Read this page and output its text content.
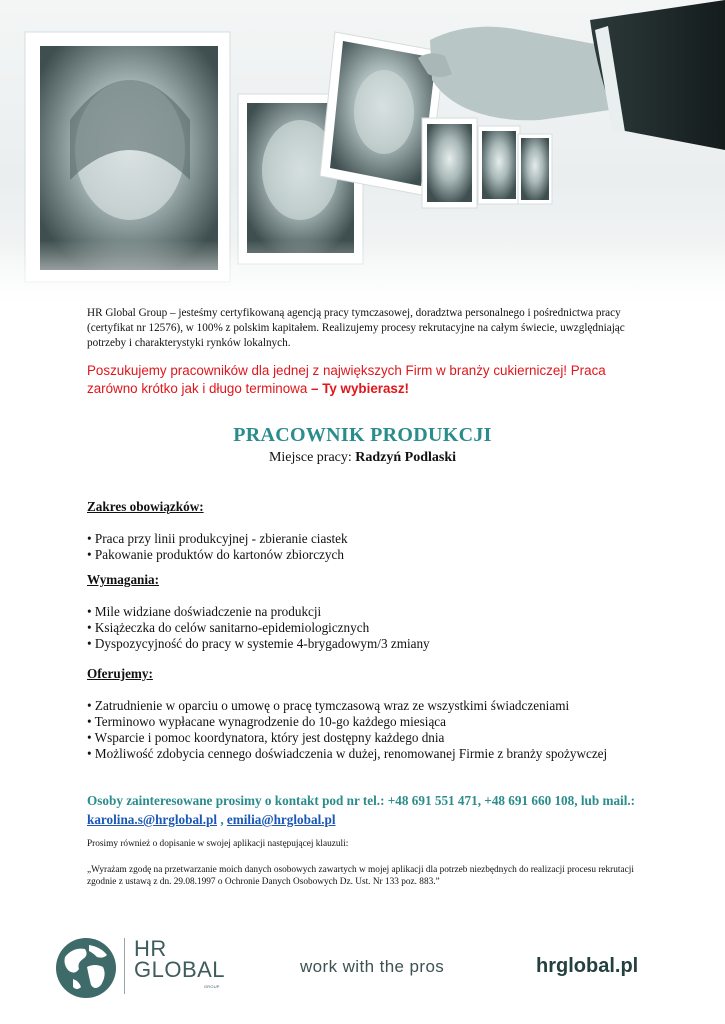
HR Global Group – jesteśmy certyfikowaną agencją pracy tymczasowej, doradztwa personalnego i pośrednictwa pracy (certyfikat nr 12576), w 100% z polskim kapitałem. Realizujemy procesy rekrutacyjne na całym świecie, uwzględniając potrzeby i charakterystyki rynków lokalnych.
Poszukujemy pracowników dla jednej z największych Firm w branży cukierniczej! Praca zarówno krótko jak i długo terminowa – Ty wybierasz!
PRACOWNIK PRODUKCJI
Miejsce pracy: Radzyń Podlaski
Zakres obowiązków:
• Praca przy linii produkcyjnej - zbieranie ciastek
• Pakowanie produktów do kartonów zbiorczych
Wymagania:
• Mile widziane doświadczenie na produkcji
• Książeczka do celów sanitarno-epidemiologicznych
• Dyspozycyjność do pracy w systemie 4-brygadowym/3 zmiany
Oferujemy:
• Zatrudnienie w oparciu o umowę o pracę tymczasową wraz ze wszystkimi świadczeniami
• Terminowo wypłacane wynagrodzenie do 10-go każdego miesiąca
• Wsparcie i pomoc koordynatora, który jest dostępny każdego dnia
• Możliwość zdobycia cennego doświadczenia w dużej, renomowanej Firmie z branży spożywczej
Osoby zainteresowane prosimy o kontakt pod nr tel.: +48 691 551 471, +48 691 660 108, lub mail.: karolina.s@hrglobal.pl , emilia@hrglobal.pl
Prosimy również o dopisanie w swojej aplikacji następującej klauzuli:
„Wyrażam zgodę na przetwarzanie moich danych osobowych zawartych w mojej aplikacji dla potrzeb niezbędnych do realizacji procesu rekrutacji zgodnie z ustawą z dn. 29.08.1997 o Ochronie Danych Osobowych Dz. Ust. Nr 133 poz. 883.”
HR
GLOBAL
GROUP
work with the pros	hrglobal.pl
